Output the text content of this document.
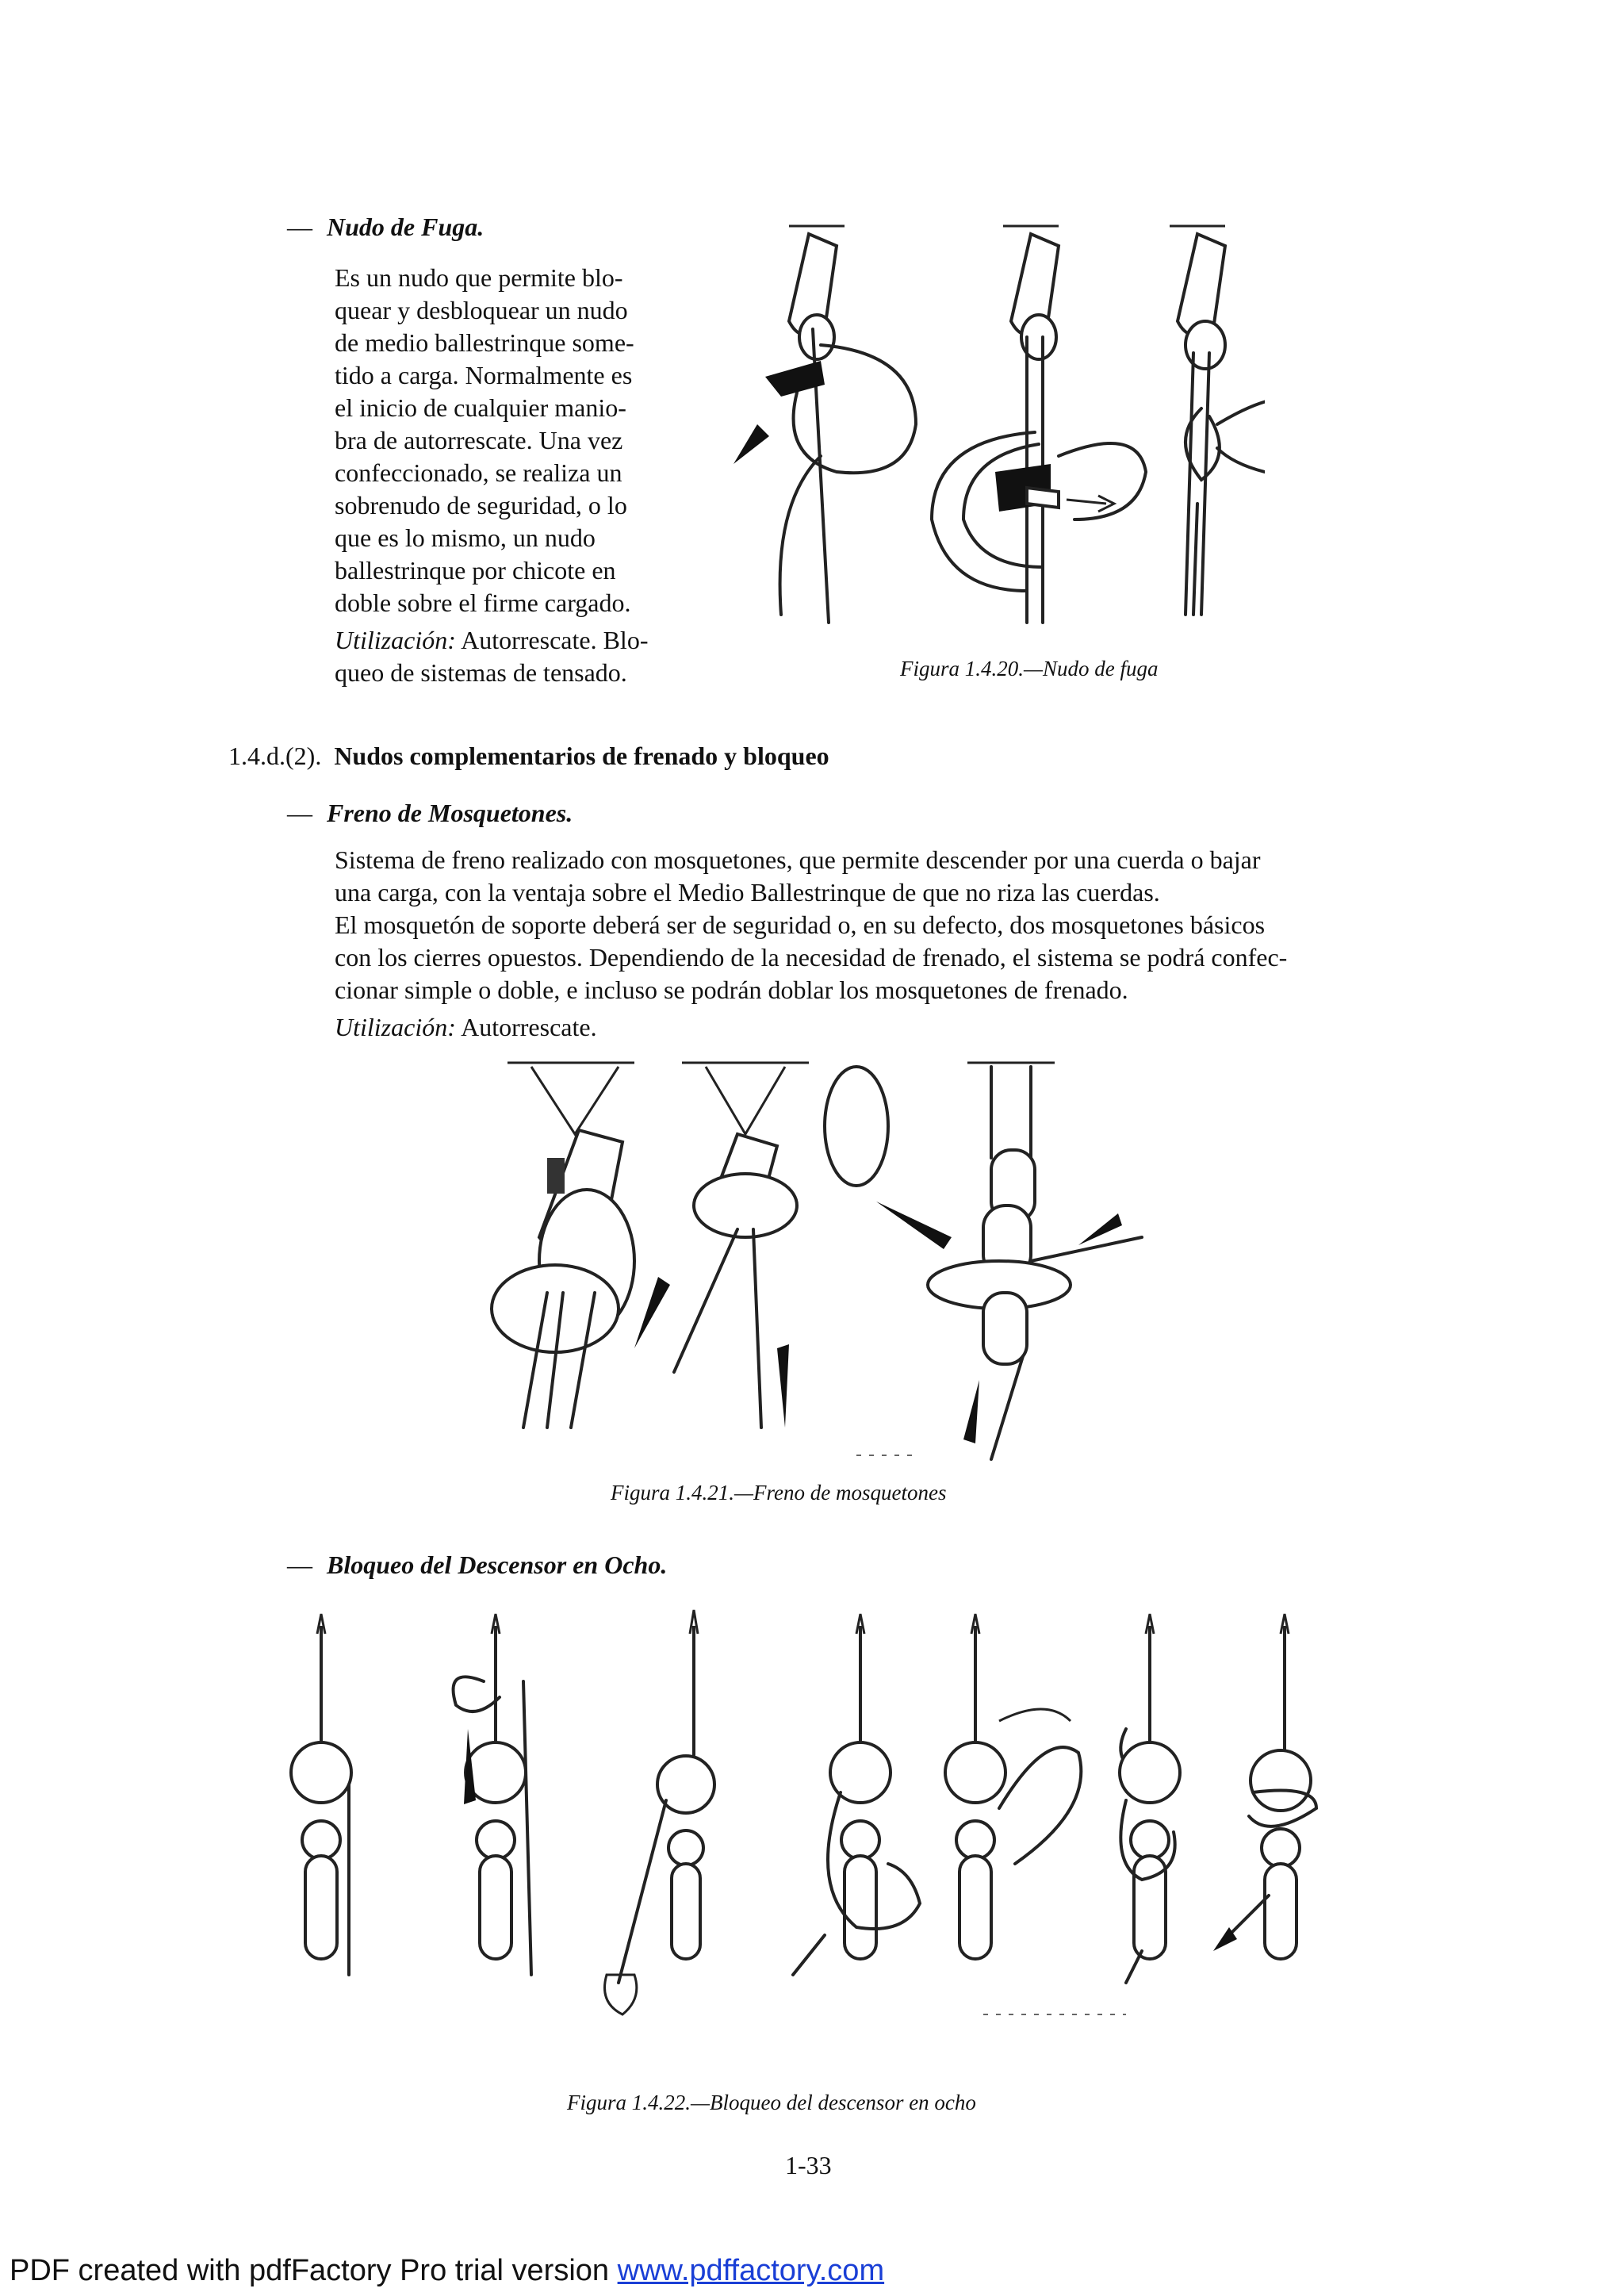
— Nudo de Fuga.

Es un nudo que permite blo-

quear y desbloquear un nudo

de medio ballestrinque some-

tido a carga. Normalmente es

el inicio de cualquier manio-

bra de autorrescate. Una vez

confeccionado, se realiza un

sobrenudo de seguridad, o lo

que es lo mismo, un nudo

ballestrinque por chicote en

doble sobre el firme cargado.

Utilización: Autorrescate. Blo-

queo de sistemas de tensado.	Figura 1.4.20.—Nudo de fuga
1.4.d.(2). Nudos complementarios de frenado y bloqueo
— Freno de Mosquetones.

Sistema de freno realizado con mosquetones, que permite descender por una cuerda o bajar

una carga, con la ventaja sobre el Medio Ballestrinque de que no riza las cuerdas.

El mosquetón de soporte deberá ser de seguridad o, en su defecto, dos mosquetones básicos

con los cierres opuestos. Dependiendo de la necesidad de frenado, el sistema se podrá confec-

cionar simple o doble, e incluso se podrán doblar los mosquetones de frenado.

Utilización: Autorrescate.

Figura 1.4.21.—Freno de mosquetones
— Bloqueo del Descensor en Ocho.
Figura 1.4.22.—Bloqueo del descensor en ocho
1-33
PDF created with pdfFactory Pro trial version www.pdffactory.com
